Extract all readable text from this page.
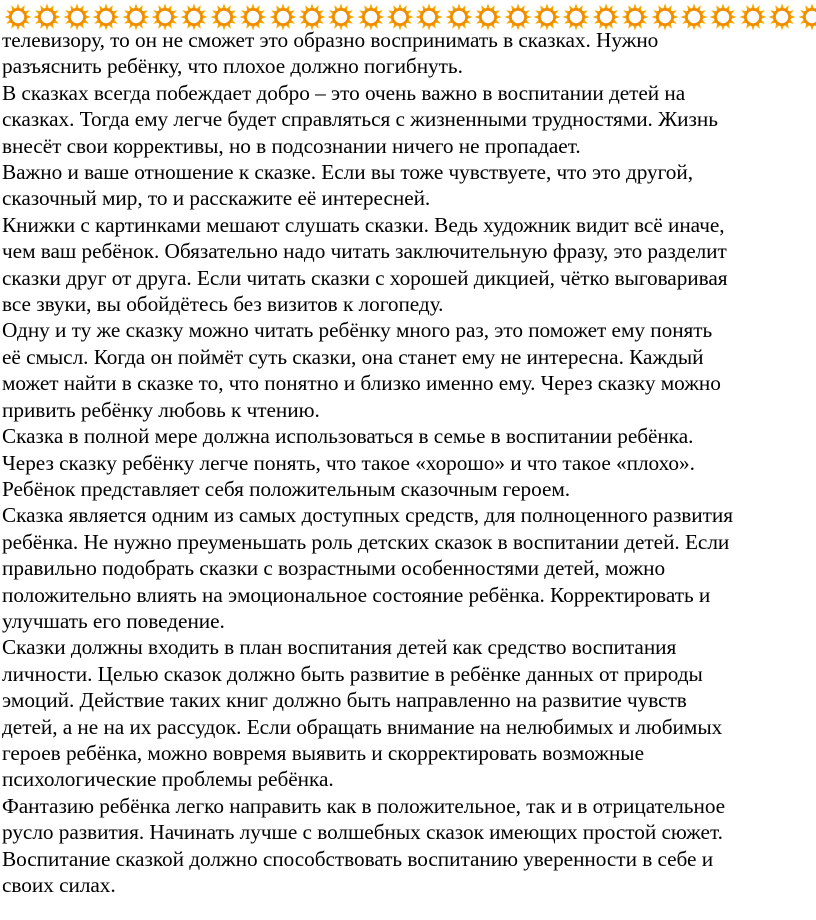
телевизору, то он не сможет это образно воспринимать в сказках. Нужно
разъяснить ребёнку, что плохое должно погибнуть.
В сказках всегда побеждает добро – это очень важно в воспитании детей на
сказках. Тогда ему легче будет справляться с жизненными трудностями. Жизнь
внесёт свои коррективы, но в подсознании ничего не пропадает.
Важно и ваше отношение к сказке. Если вы тоже чувствуете, что это другой,
сказочный мир, то и расскажите её интересней.
Книжки с картинками мешают слушать сказки. Ведь художник видит всё иначе,
чем ваш ребёнок. Обязательно надо читать заключительную фразу, это разделит
сказки друг от друга. Если читать сказки с хорошей дикцией, чётко выговаривая
все звуки, вы обойдётесь без визитов к логопеду.
Одну и ту же сказку можно читать ребёнку много раз, это поможет ему понять
её смысл. Когда он поймёт суть сказки, она станет ему не интересна. Каждый
может найти в сказке то, что понятно и близко именно ему. Через сказку можно
привить ребёнку любовь к чтению.
Сказка в полной мере должна использоваться в семье в воспитании ребёнка.
Через сказку ребёнку легче понять, что такое «хорошо» и что такое «плохо».
Ребёнок представляет себя положительным сказочным героем.
Сказка является одним из самых доступных средств, для полноценного развития
ребёнка. Не нужно преуменьшать роль детских сказок в воспитании детей. Если
правильно подобрать сказки с возрастными особенностями детей, можно
положительно влиять на эмоциональное состояние ребёнка. Корректировать и
улучшать его поведение.
Сказки должны входить в план воспитания детей как средство воспитания
личности. Целью сказок должно быть развитие в ребёнке данных от природы
эмоций. Действие таких книг должно быть направленно на развитие чувств
детей, а не на их рассудок. Если обращать внимание на нелюбимых и любимых
героев ребёнка, можно вовремя выявить и скорректировать возможные
психологические проблемы ребёнка.
Фантазию ребёнка легко направить как в положительное, так и в отрицательное
русло развития. Начинать лучше с волшебных сказок имеющих простой сюжет.
Воспитание сказкой должно способствовать воспитанию уверенности в себе и
своих силах.
